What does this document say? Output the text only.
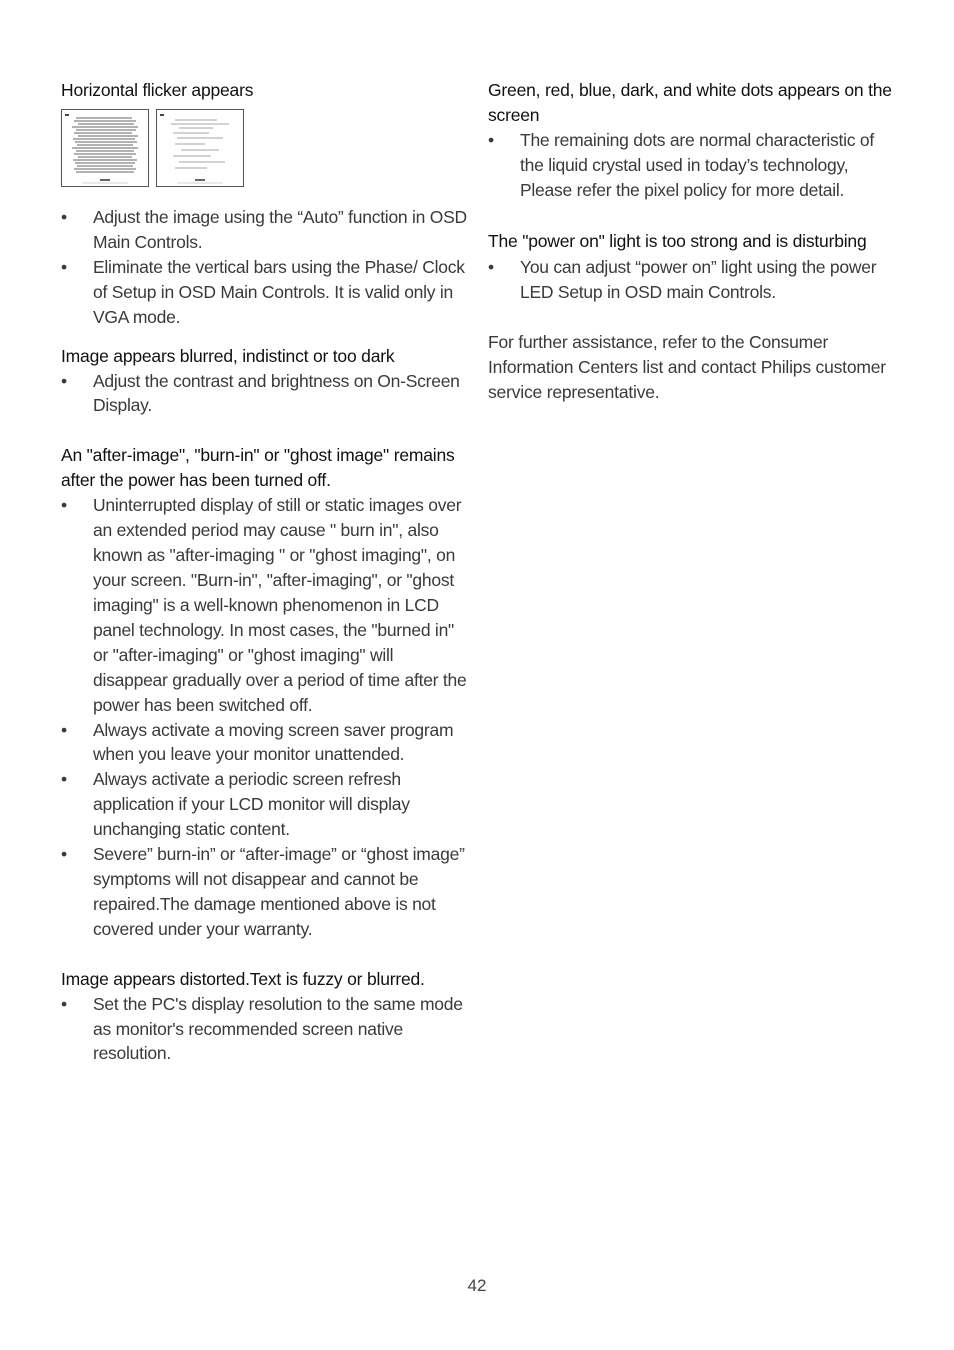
Horizontal flicker appears
• Adjust the image using the “Auto” function in OSD Main Controls.
• Eliminate the vertical bars using the Phase/ Clock of Setup in OSD Main Controls. It is valid only in VGA mode.
Image appears blurred, indistinct or too dark
• Adjust the contrast and brightness on On-Screen Display.
An "after-image", "burn-in" or "ghost image" remains after the power has been turned off.
• Uninterrupted display of still or static images over an extended period may cause " burn in", also known as "after-imaging " or "ghost imaging", on your screen. "Burn-in", "after-imaging", or "ghost imaging" is a well-known phenomenon in LCD panel technology. In most cases, the "burned in" or "after-imaging" or "ghost imaging" will disappear gradually over a period of time after the power has been switched off.
• Always activate a moving screen saver program when you leave your monitor unattended.
• Always activate a periodic screen refresh application if your LCD monitor will display unchanging static content.
• Severe” burn-in” or “after-image” or “ghost image” symptoms will not disappear and cannot be repaired.The damage mentioned above is not covered under your warranty.
Image appears distorted.Text is fuzzy or blurred.
• Set the PC's display resolution to the same mode as monitor's recommended screen native resolution.
Green, red, blue, dark, and white dots appears on the screen
• The remaining dots are normal characteristic of the liquid crystal used in today’s technology, Please refer the pixel policy for more detail.
The "power on" light is too strong and is disturbing
• You can adjust “power on” light using the power LED Setup in OSD main Controls.

For further assistance, refer to the Consumer Information Centers list and contact Philips customer service representative.

42
